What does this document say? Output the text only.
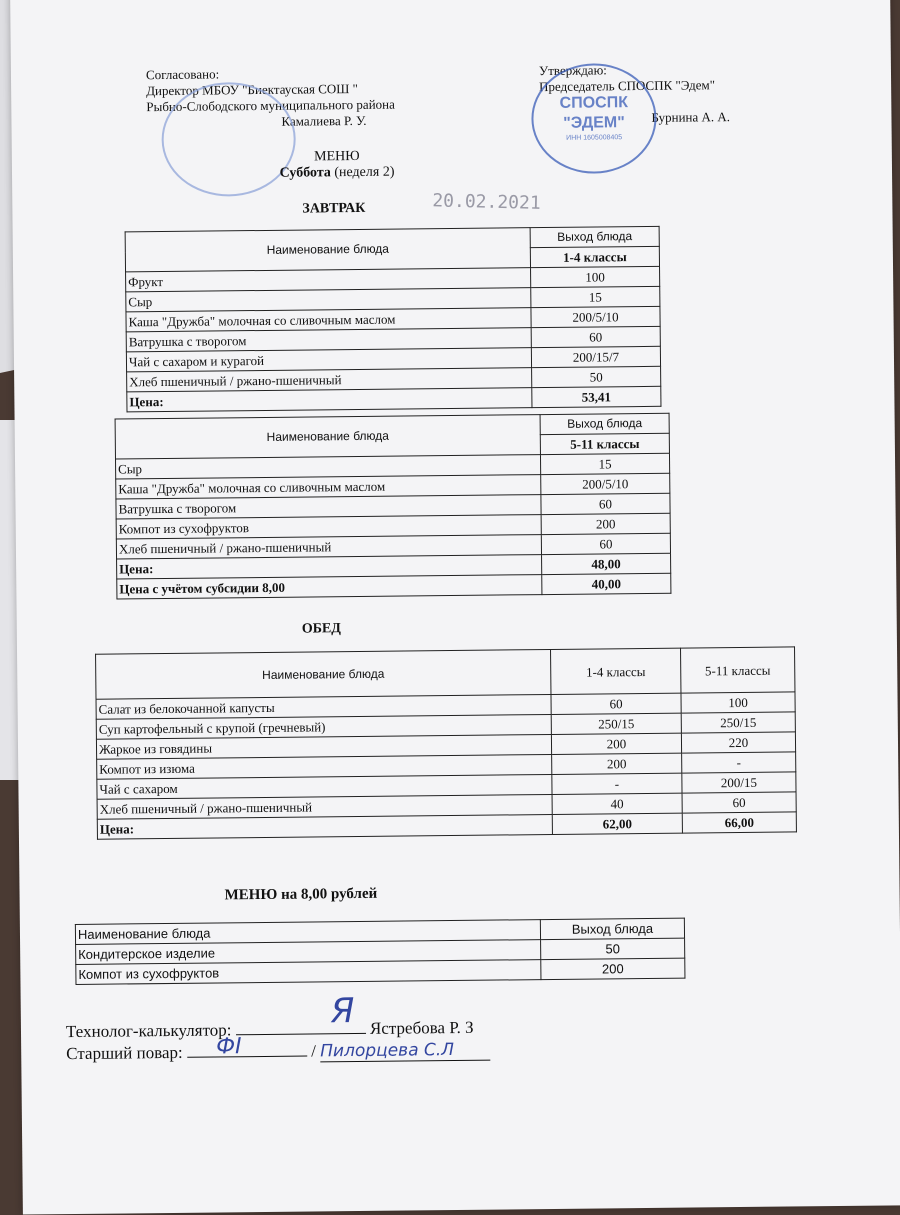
Согласовано:
Директор МБОУ "Биектауская СОШ "
Рыбно-Слободского муниципального района
Камалиева Р. У.
Утверждаю:
Председатель СПОСПК "Эдем"
Бурнина А. А.
СПОСПК
"ЭДЕМ"
ИНН 1605008405
МЕНЮ
Суббота (неделя 2)
ЗАВТРАК	20.02.2021
Наименование блюда	Выход блюда
	1-4 классы
Фрукт	100
Сыр	15
Каша "Дружба" молочная со сливочным маслом	200/5/10
Ватрушка с творогом	60
Чай с сахаром и курагой	200/15/7
Хлеб пшеничный / ржано-пшеничный	50
Цена:	53,41
Наименование блюда	Выход блюда
	5-11 классы
Сыр	15
Каша "Дружба" молочная со сливочным маслом	200/5/10
Ватрушка с творогом	60
Компот из сухофруктов	200
Хлеб пшеничный / ржано-пшеничный	60
Цена:	48,00
Цена с учётом субсидии 8,00	40,00
ОБЕД
Наименование блюда	1-4 классы	5-11 классы
Салат из белокочанной капусты	60	100
Суп картофельный с крупой (гречневый)	250/15	250/15
Жаркое из говядины	200	220
Компот из изюма	200	-
Чай с сахаром	-	200/15
Хлеб пшеничный / ржано-пшеничный	40	60
Цена:	62,00	66,00
МЕНЮ на 8,00 рублей
Наименование блюда	Выход блюда
Кондитерское изделие	50
Компот из сухофруктов	200
Технолог-калькулятор:	Ястребова Р. З
Я
Старший повар:	/ Пилорцева С.Л
ФI
